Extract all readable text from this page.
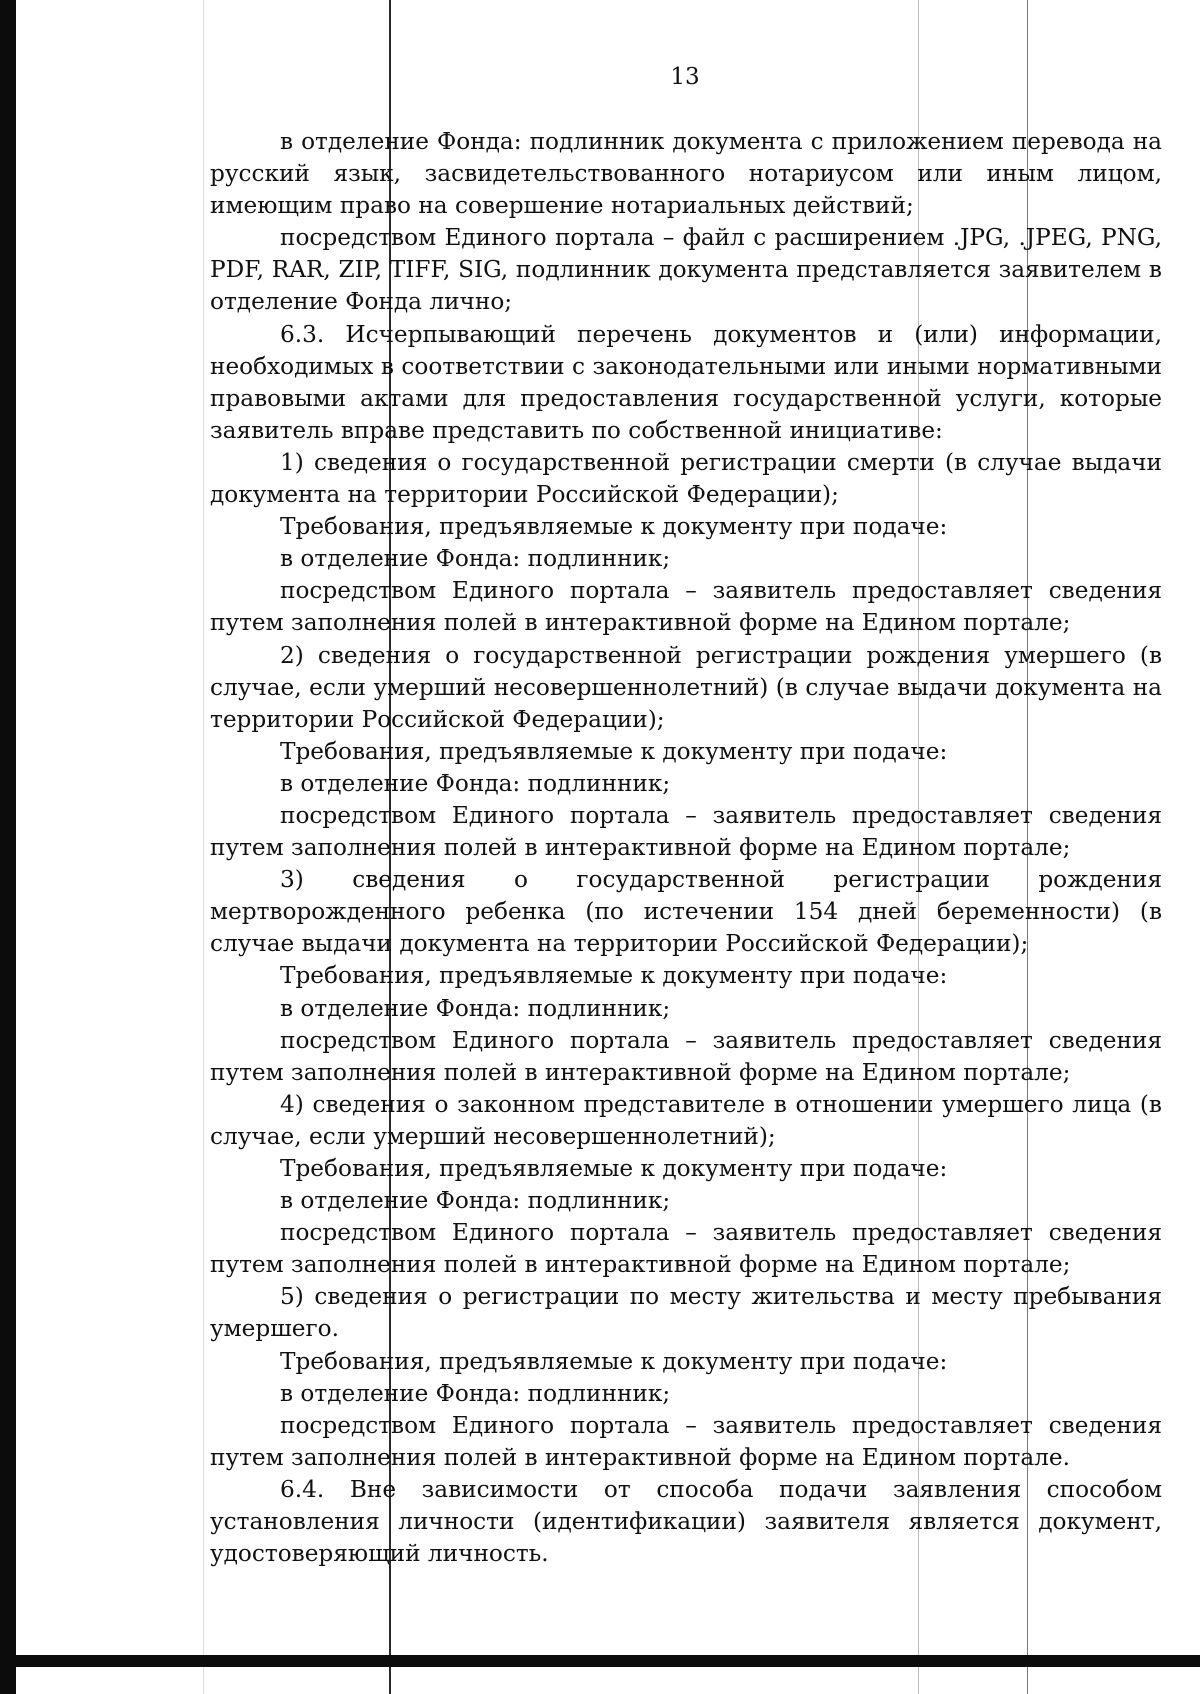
13

в отделение Фонда: подлинник документа с приложением перевода на русский язык, засвидетельствованного нотариусом или иным лицом, имеющим право на совершение нотариальных действий;

посредством Единого портала – файл с расширением .JPG, .JPEG, PNG, PDF, RAR, ZIP, TIFF, SIG, подлинник документа представляется заявителем в отделение Фонда лично;

6.3. Исчерпывающий перечень документов и (или) информации, необходимых в соответствии с законодательными или иными нормативными правовыми актами для предоставления государственной услуги, которые заявитель вправе представить по собственной инициативе:

1) сведения о государственной регистрации смерти (в случае выдачи документа на территории Российской Федерации);

Требования, предъявляемые к документу при подаче:

в отделение Фонда: подлинник;

посредством Единого портала – заявитель предоставляет сведения путем заполнения полей в интерактивной форме на Едином портале;

2) сведения о государственной регистрации рождения умершего (в случае, если умерший несовершеннолетний) (в случае выдачи документа на территории Российской Федерации);

Требования, предъявляемые к документу при подаче:

в отделение Фонда: подлинник;

посредством Единого портала – заявитель предоставляет сведения путем заполнения полей в интерактивной форме на Едином портале;

3) сведения о государственной регистрации рождения мертворожденного ребенка (по истечении 154 дней беременности) (в случае выдачи документа на территории Российской Федерации);

Требования, предъявляемые к документу при подаче:

в отделение Фонда: подлинник;

посредством Единого портала – заявитель предоставляет сведения путем заполнения полей в интерактивной форме на Едином портале;

4) сведения о законном представителе в отношении умершего лица (в случае, если умерший несовершеннолетний);

Требования, предъявляемые к документу при подаче:

в отделение Фонда: подлинник;

посредством Единого портала – заявитель предоставляет сведения путем заполнения полей в интерактивной форме на Едином портале;

5) сведения о регистрации по месту жительства и месту пребывания умершего.

Требования, предъявляемые к документу при подаче:

в отделение Фонда: подлинник;

посредством Единого портала – заявитель предоставляет сведения путем заполнения полей в интерактивной форме на Едином портале.

6.4. Вне зависимости от способа подачи заявления способом установления личности (идентификации) заявителя является документ, удостоверяющий личность.
